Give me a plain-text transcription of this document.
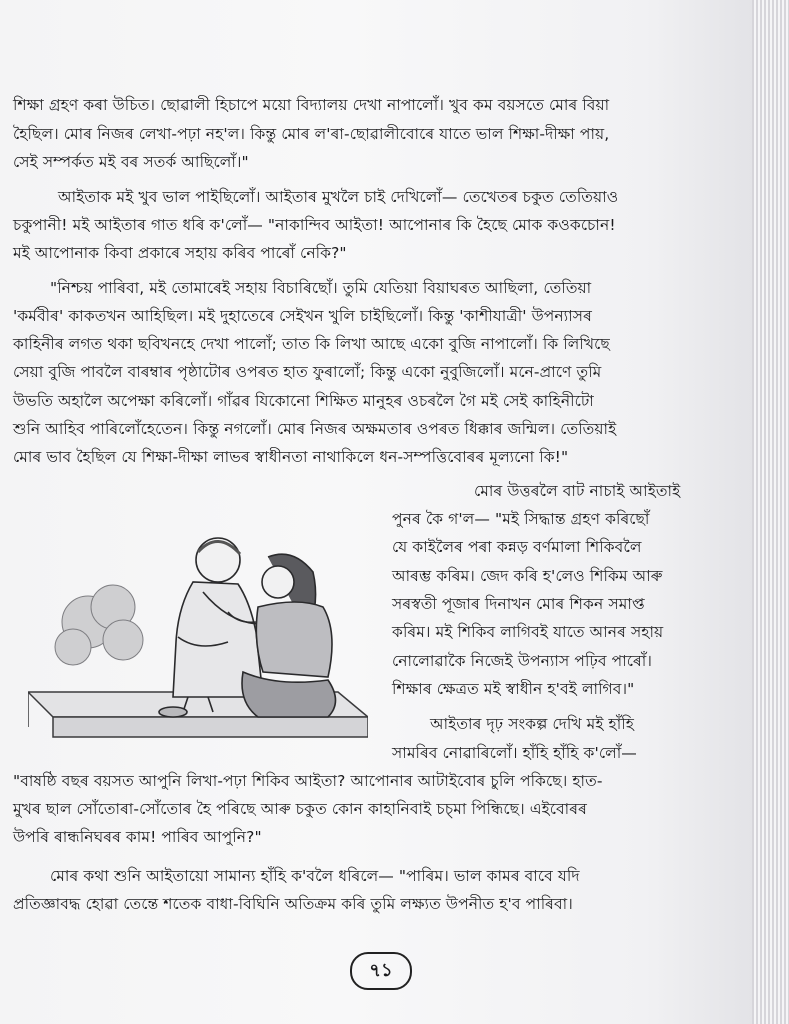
শিক্ষা গ্ৰহণ কৰা উচিত। ছোৱালী হিচাপে ময়ো বিদ্যালয় দেখা নাপালোঁ। খুব কম বয়সতে মোৰ বিয়া
হৈছিল। মোৰ নিজৰ লেখা-পঢ়া নহ'ল। কিন্তু মোৰ ল'ৰা-ছোৱালীবোৰে যাতে ভাল শিক্ষা-দীক্ষা পায়,
সেই সম্পৰ্কত মই বৰ সতৰ্ক আছিলোঁ।"
আইতাক মই খুব ভাল পাইছিলোঁ। আইতাৰ মুখলৈ চাই দেখিলোঁ— তেখেতৰ চকুত তেতিয়াও
চকুপানী! মই আইতাৰ গাত ধৰি ক'লোঁ— "নাকান্দিব আইতা! আপোনাৰ কি হৈছে মোক কওকচোন!
মই আপোনাক কিবা প্ৰকাৰে সহায় কৰিব পাৰোঁ নেকি?"
"নিশ্চয় পাৰিবা, মই তোমাৰেই সহায় বিচাৰিছোঁ। তুমি যেতিয়া বিয়াঘৰত আছিলা, তেতিয়া
'কৰ্মবীৰ' কাকতখন আহিছিল। মই দুহাতেৰে সেইখন খুলি চাইছিলোঁ। কিন্তু 'কাশীযাত্ৰী' উপন্যাসৰ
কাহিনীৰ লগত থকা ছবিখনহে দেখা পালোঁ; তাত কি লিখা আছে একো বুজি নাপালোঁ। কি লিখিছে
সেয়া বুজি পাবলৈ বাৰম্বাৰ পৃষ্ঠাটোৰ ওপৰত হাত ফুৰালোঁ; কিন্তু একো নুবুজিলোঁ। মনে-প্ৰাণে তুমি
উভতি অহালৈ অপেক্ষা কৰিলোঁ। গাঁৱৰ যিকোনো শিক্ষিত মানুহৰ ওচৰলৈ গৈ মই সেই কাহিনীটো
শুনি আহিব পাৰিলোঁহেতেন। কিন্তু নগলোঁ। মোৰ নিজৰ অক্ষমতাৰ ওপৰত ধিক্কাৰ জন্মিল। তেতিয়াই
মোৰ ভাব হৈছিল যে শিক্ষা-দীক্ষা লাভৰ স্বাধীনতা নাথাকিলে ধন-সম্পত্তিবোৰৰ মূল্যনো কি!"
মোৰ উত্তৰলৈ বাট নাচাই আইতাই
পুনৰ কৈ গ'ল— "মই সিদ্ধান্ত গ্ৰহণ কৰিছোঁ
যে কাইলৈৰ পৰা কন্নড় বৰ্ণমালা শিকিবলৈ
আৰম্ভ কৰিম। জেদ কৰি হ'লেও শিকিম আৰু
সৰস্বতী পূজাৰ দিনাখন মোৰ শিকন সমাপ্ত
কৰিম। মই শিকিব লাগিবই যাতে আনৰ সহায়
নোলোৱাকৈ নিজেই উপন্যাস পঢ়িব পাৰোঁ।
শিক্ষাৰ ক্ষেত্ৰত মই স্বাধীন হ'বই লাগিব।"
আইতাৰ দৃঢ় সংকল্প দেখি মই হাঁহি
সামৰিব নোৱাৰিলোঁ। হাঁহি হাঁহি ক'লোঁ—
"বাষষ্ঠি বছৰ বয়সত আপুনি লিখা-পঢ়া শিকিব আইতা? আপোনাৰ আটাইবোৰ চুলি পকিছে। হাত-
মুখৰ ছাল সোঁতোৰা-সোঁতোৰ হৈ পৰিছে আৰু চকুত কোন কাহানিবাই চচ্মা পিন্ধিছে। এইবোৰৰ
উপৰি ৰান্ধনিঘৰৰ কাম! পাৰিব আপুনি?"
মোৰ কথা শুনি আইতায়ো সামান্য হাঁহি ক'বলৈ ধৰিলে— "পাৰিম। ভাল কামৰ বাবে যদি
প্ৰতিজ্ঞাবদ্ধ হোৱা তেন্তে শতেক বাধা-বিঘিনি অতিক্ৰম কৰি তুমি লক্ষ্যত উপনীত হ'ব পাৰিবা।
৭১
